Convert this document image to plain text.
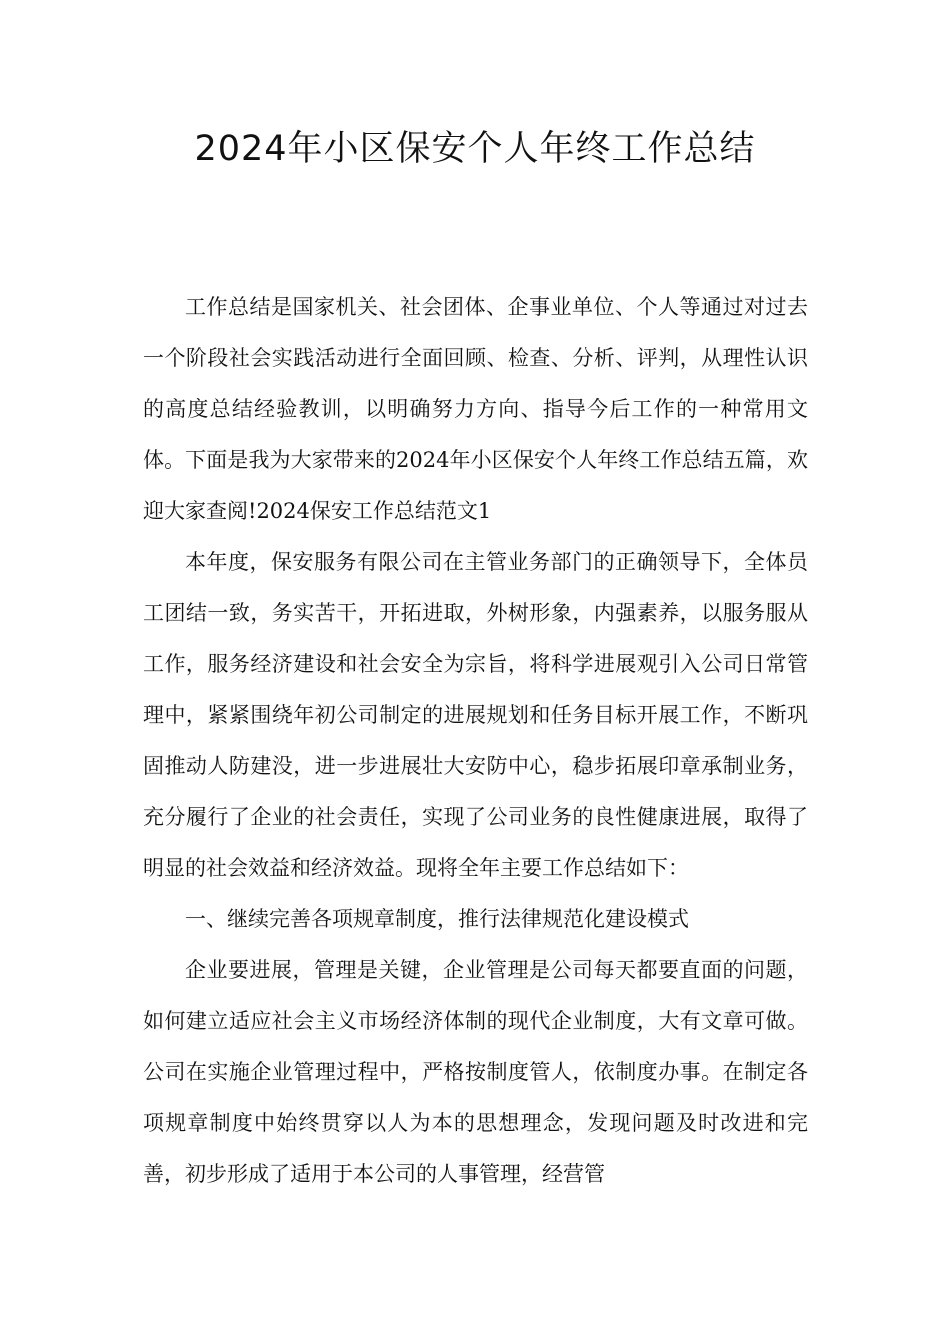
2024年小区保安个人年终工作总结

工作总结是国家机关、社会团体、企事业单位、个人等通过对过去一个阶段社会实践活动进行全面回顾、检查、分析、评判，从理性认识的高度总结经验教训，以明确努力方向、指导今后工作的一种常用文体。下面是我为大家带来的2024年小区保安个人年终工作总结五篇，欢迎大家查阅!2024保安工作总结范文1

本年度，保安服务有限公司在主管业务部门的正确领导下，全体员工团结一致，务实苦干，开拓进取，外树形象，内强素养，以服务服从工作，服务经济建设和社会安全为宗旨，将科学进展观引入公司日常管理中，紧紧围绕年初公司制定的进展规划和任务目标开展工作，不断巩固推动人防建没，进一步进展壮大安防中心，稳步拓展印章承制业务，充分履行了企业的社会责任，实现了公司业务的良性健康进展，取得了明显的社会效益和经济效益。现将全年主要工作总结如下：

一、继续完善各项规章制度，推行法律规范化建设模式

企业要进展，管理是关键，企业管理是公司每天都要直面的问题，如何建立适应社会主义市场经济体制的现代企业制度，大有文章可做。公司在实施企业管理过程中，严格按制度管人，依制度办事。在制定各项规章制度中始终贯穿以人为本的思想理念，发现问题及时改进和完善，初步形成了适用于本公司的人事管理，经营管
